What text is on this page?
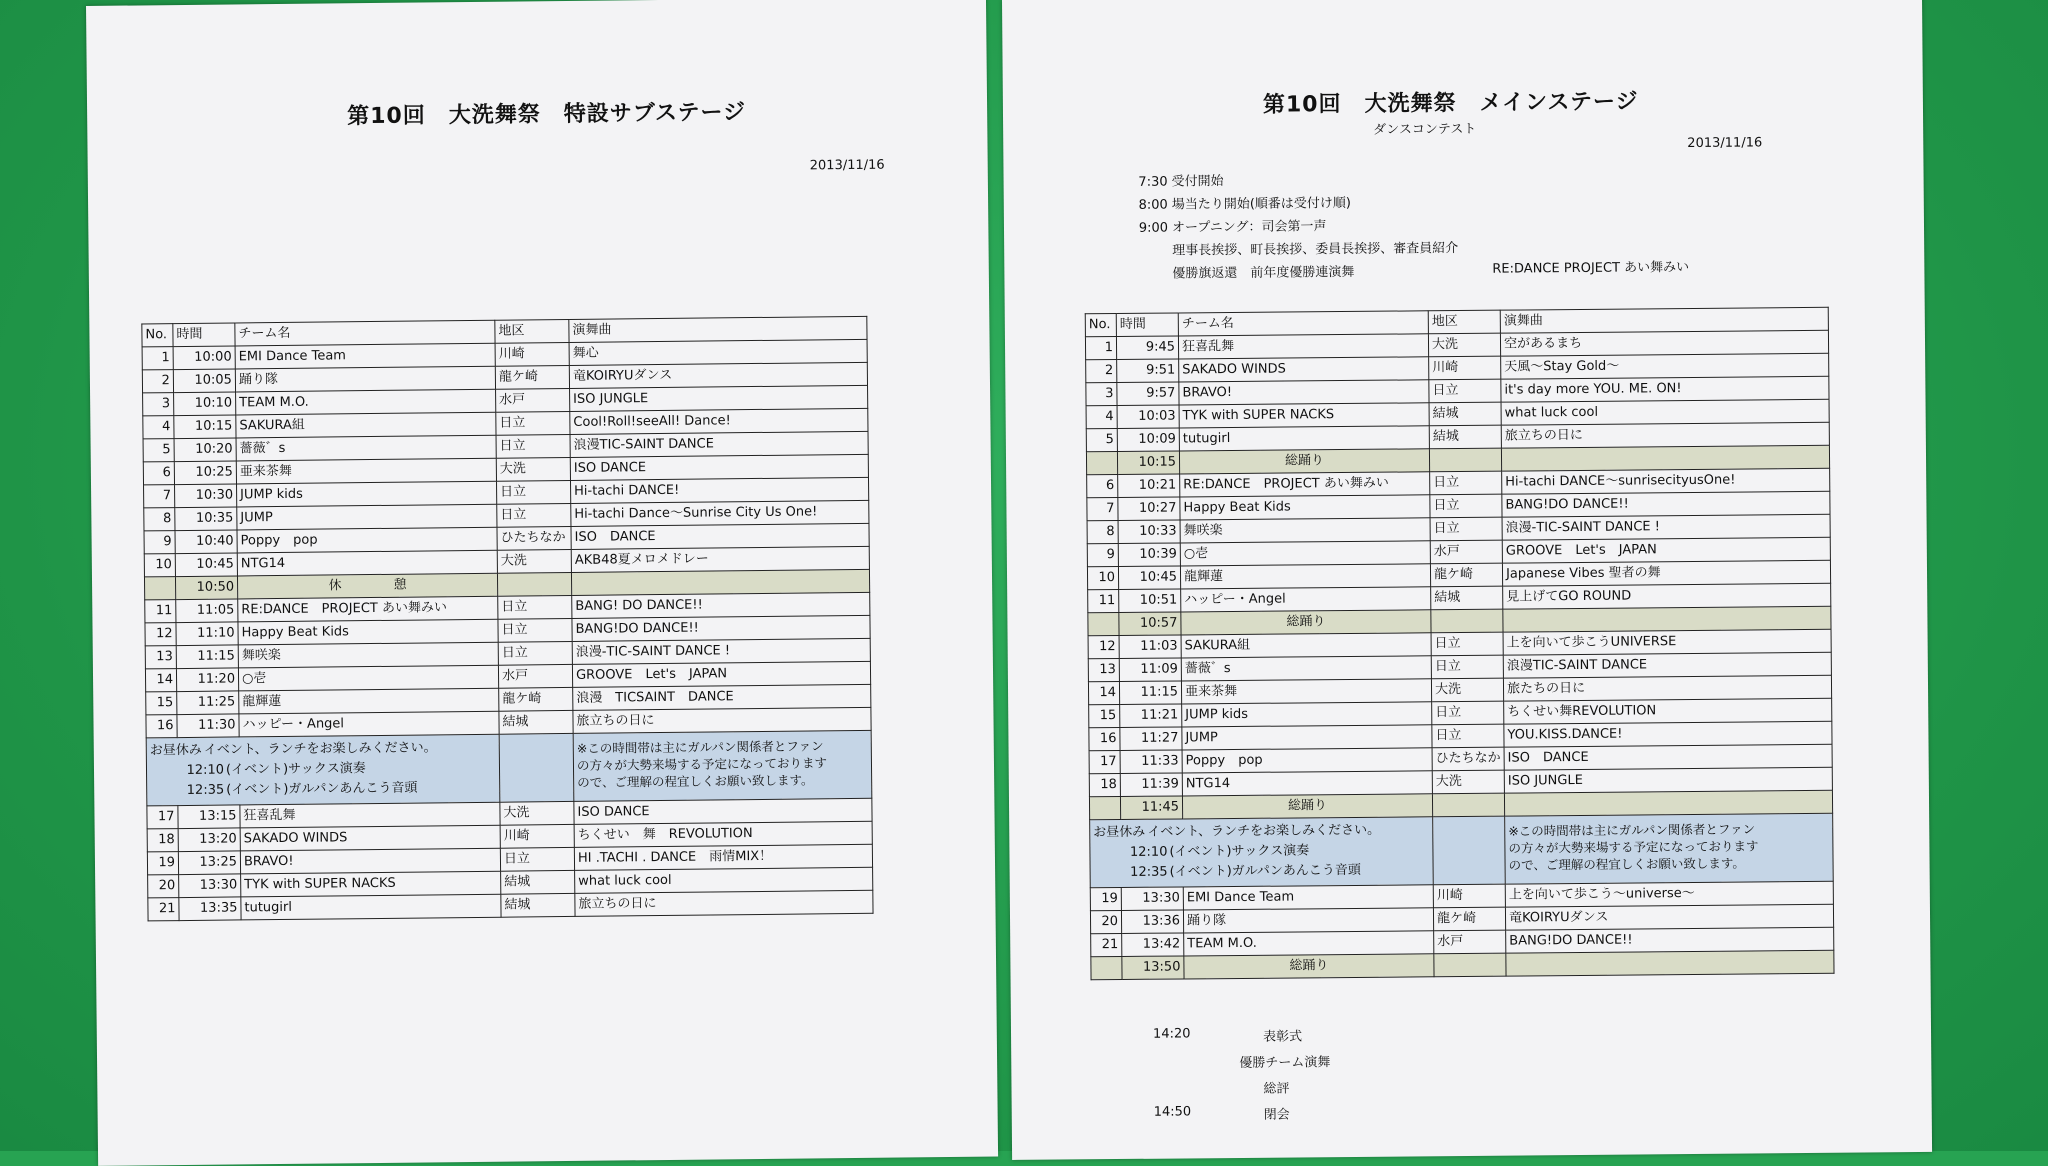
第10回　大洗舞祭　特設サブステージ
2013/11/16
No.	時間	チーム名	地区	演舞曲
1	10:00	EMI Dance Team	川崎	舞心
2	10:05	踊り隊	龍ケ崎	竜KOIRYUダンス
3	10:10	TEAM M.O.	水戸	ISO JUNGLE
4	10:15	SAKURA組	日立	Cool!Roll!seeAll! Dance!
5	10:20	薔薇゛s	日立	浪漫TIC-SAINT DANCE
6	10:25	亜来茶舞	大洗	ISO DANCE
7	10:30	JUMP kids	日立	Hi-tachi DANCE!
8	10:35	JUMP	日立	Hi-tachi Dance～Sunrise City Us One!
9	10:40	Poppy　pop	ひたちなか	ISO　DANCE
10	10:45	NTG14	大洗	AKB48夏メロメドレー
	10:50	休　　　　憩		
11	11:05	RE:DANCE　PROJECT あい舞みい	日立	BANG! DO DANCE!!
12	11:10	Happy Beat Kids	日立	BANG!DO DANCE!!
13	11:15	舞咲楽	日立	浪漫-TIC-SAINT DANCE !
14	11:20	○壱	水戸	GROOVE　Let's　JAPAN
15	11:25	龍輝蓮	龍ケ崎	浪漫　TICSAINT　DANCE
16	11:30	ハッピー・Angel	結城	旅立ちの日に

お昼休み イベント、ランチをお楽しみください。
12:10 (イベント)サックス演奏
12:35 (イベント)ガルパンあんこう音頭				※この時間帯は主にガルパン関係者とファン
の方々が大勢来場する予定になっております
ので、ご理解の程宜しくお願い致します。

17	13:15	狂喜乱舞	大洗	ISO DANCE
18	13:20	SAKADO WINDS	川崎	ちくせい　舞　REVOLUTION
19	13:25	BRAVO!	日立	HI .TACHI . DANCE　雨情MIX！
20	13:30	TYK with SUPER NACKS	結城	what luck cool
21	13:35	tutugirl	結城	旅立ちの日に
第10回　大洗舞祭　メインステージ
ダンスコンテスト
2013/11/16
7:30 受付開始
8:00 場当たり開始(順番は受付け順)
9:00 オープニング：司会第一声
理事長挨拶、町長挨拶、委員長挨拶、審査員紹介
優勝旗返還　前年度優勝連演舞	RE:DANCE PROJECT あい舞みい
No.	時間	チーム名	地区	演舞曲
1	9:45	狂喜乱舞	大洗	空があるまち
2	9:51	SAKADO WINDS	川崎	天風～Stay Gold～
3	9:57	BRAVO!	日立	it's day more YOU. ME. ON!
4	10:03	TYK with SUPER NACKS	結城	what luck cool
5	10:09	tutugirl	結城	旅立ちの日に
	10:15	総踊り		
6	10:21	RE:DANCE　PROJECT あい舞みい	日立	Hi-tachi DANCE～sunrisecityusOne!
7	10:27	Happy Beat Kids	日立	BANG!DO DANCE!!
8	10:33	舞咲楽	日立	浪漫-TIC-SAINT DANCE !
9	10:39	○壱	水戸	GROOVE　Let's　JAPAN
10	10:45	龍輝蓮	龍ケ崎	Japanese Vibes 聖者の舞
11	10:51	ハッピー・Angel	結城	見上げてGO ROUND
	10:57	総踊り		
12	11:03	SAKURA組	日立	上を向いて歩こうUNIVERSE
13	11:09	薔薇゛s	日立	浪漫TIC-SAINT DANCE
14	11:15	亜来茶舞	大洗	旅たちの日に
15	11:21	JUMP kids	日立	ちくせい舞REVOLUTION
16	11:27	JUMP	日立	YOU.KISS.DANCE!
17	11:33	Poppy　pop	ひたちなか	ISO　DANCE
18	11:39	NTG14	大洗	ISO JUNGLE
	11:45	総踊り		

お昼休み イベント、ランチをお楽しみください。
12:10 (イベント)サックス演奏
12:35 (イベント)ガルパンあんこう音頭				※この時間帯は主にガルパン関係者とファン
の方々が大勢来場する予定になっております
ので、ご理解の程宜しくお願い致します。

19	13:30	EMI Dance Team	川崎	上を向いて歩こう～universe～
20	13:36	踊り隊	龍ケ崎	竜KOIRYUダンス
21	13:42	TEAM M.O.	水戸	BANG!DO DANCE!!
	13:50	総踊り		
14:20	表彰式
優勝チーム演舞
総評
14:50	閉会
